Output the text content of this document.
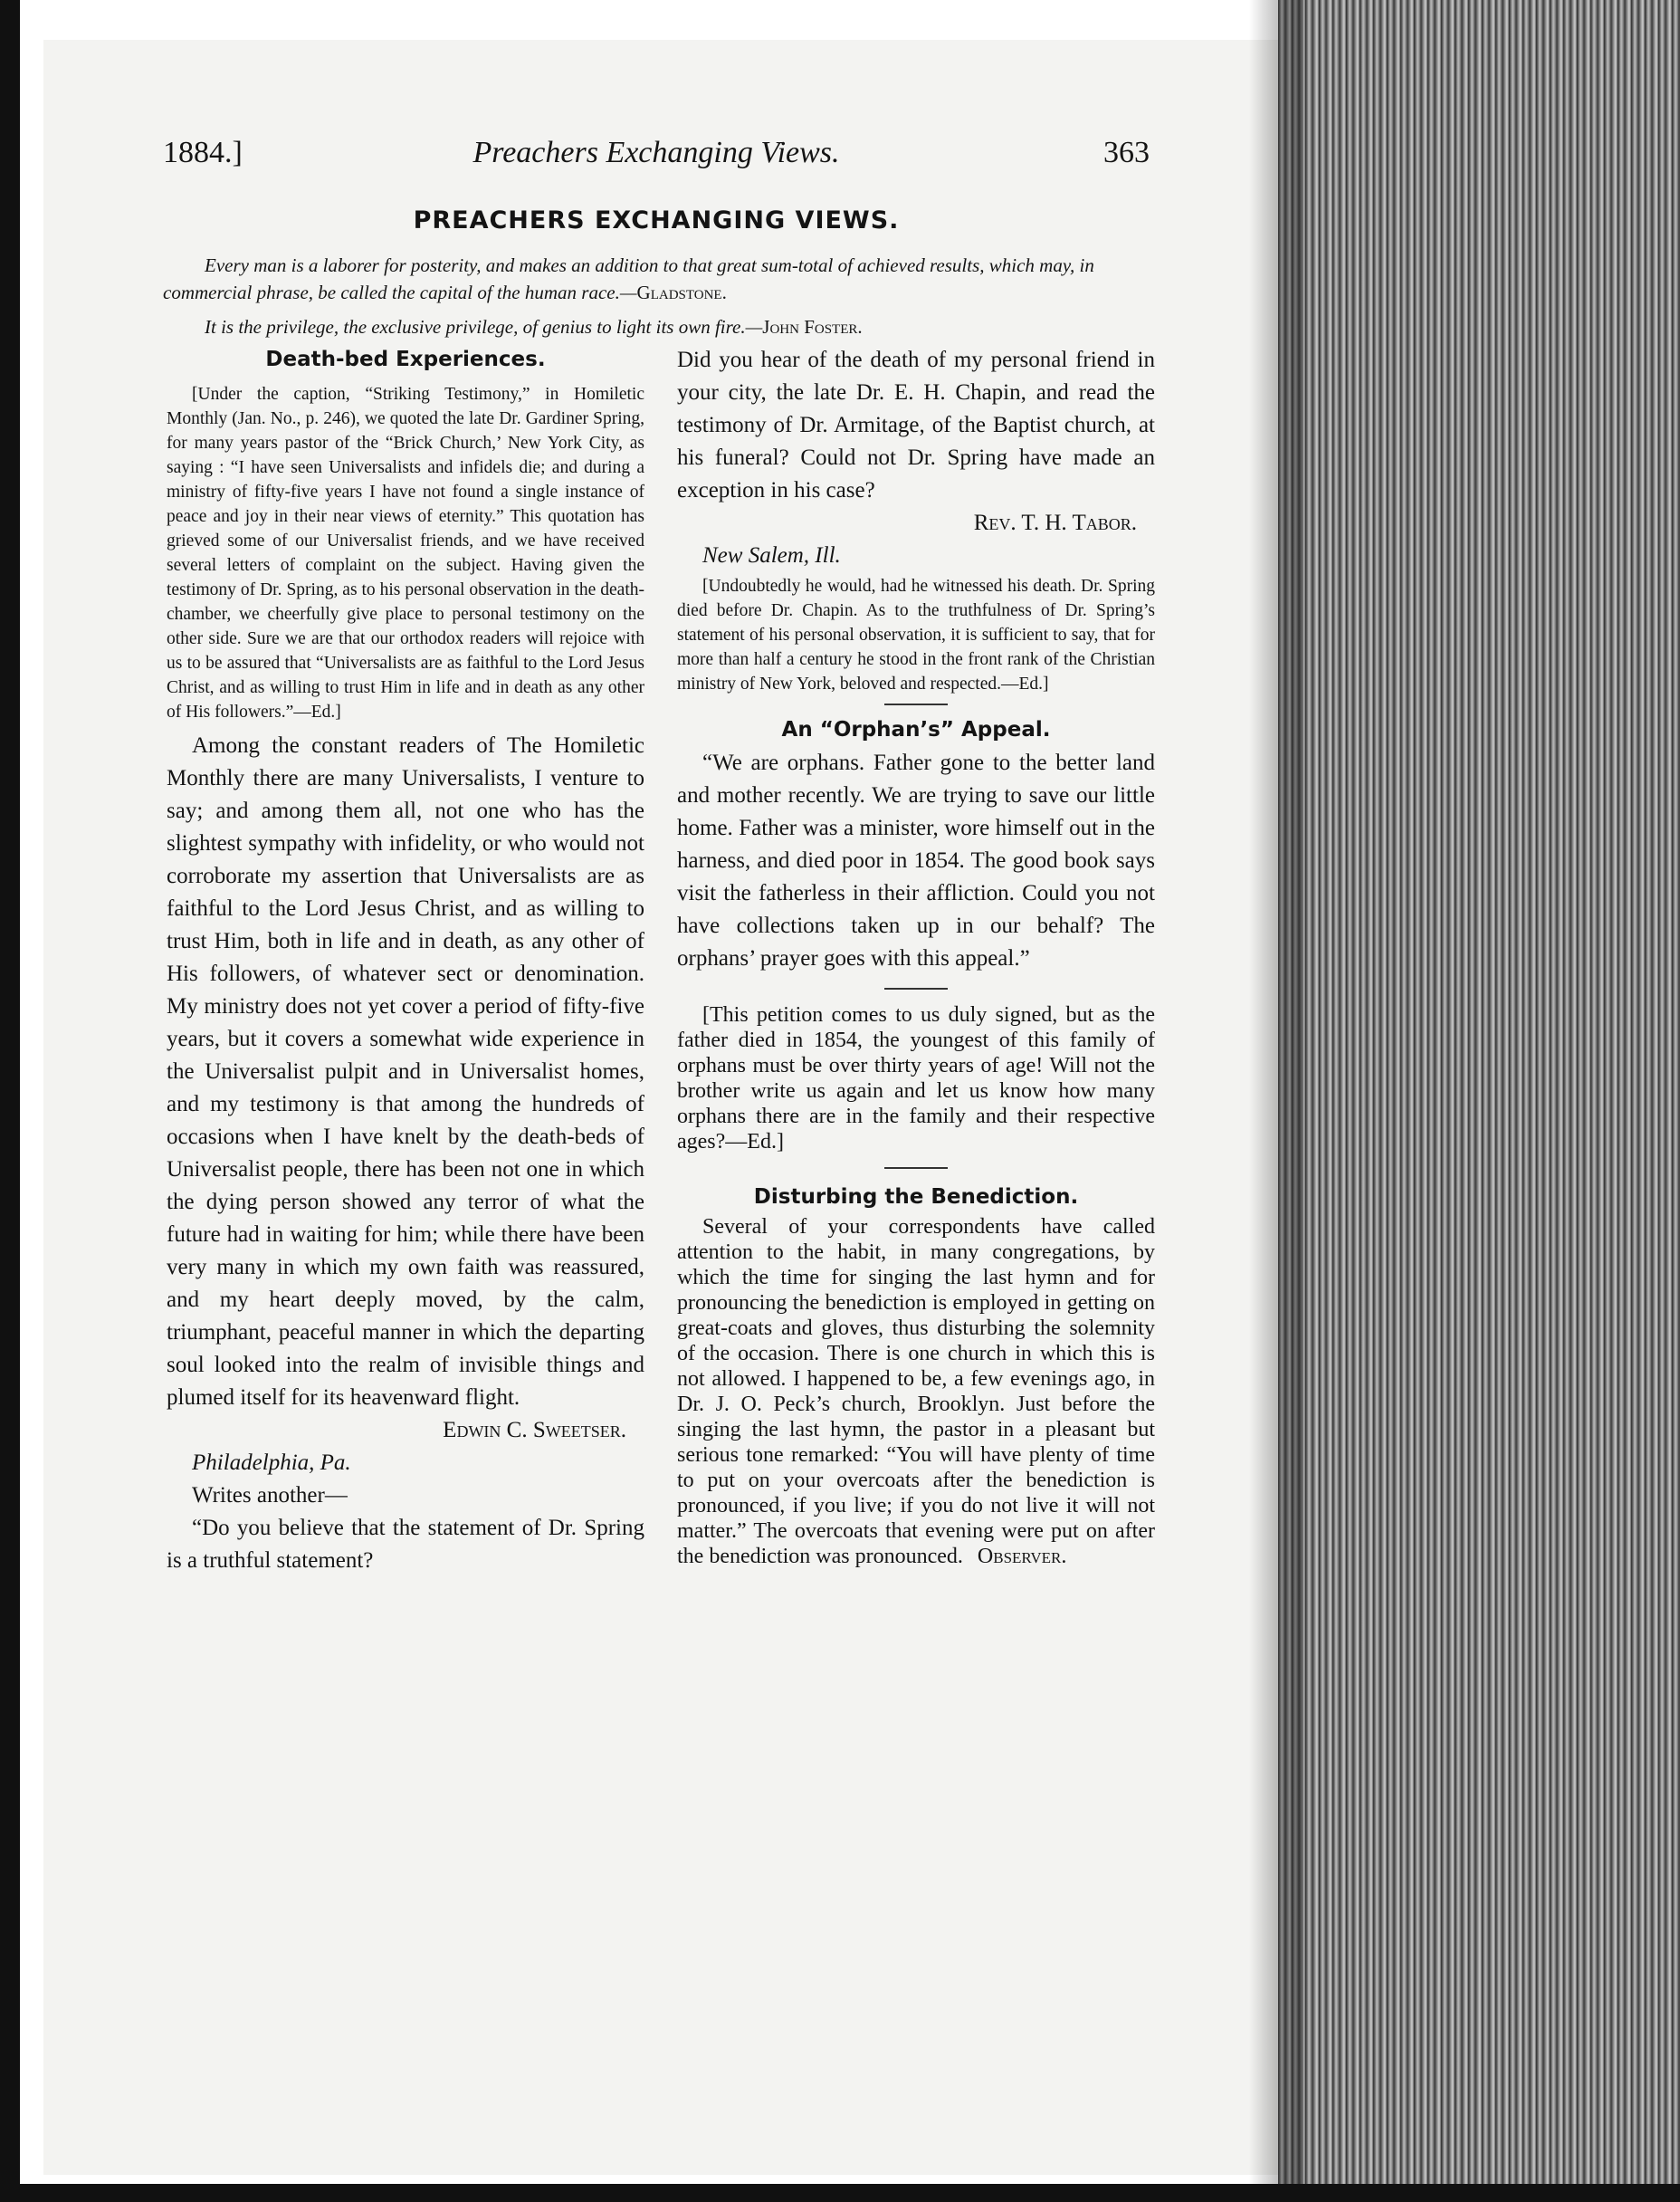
1884.]	Preachers Exchanging Views.	363
PREACHERS EXCHANGING VIEWS.
Every man is a laborer for posterity, and makes an addition to that great sum-total of achieved results, which may, in commercial phrase, be called the capital of the human race.—Gladstone.
It is the privilege, the exclusive privilege, of genius to light its own fire.—John Foster.
Death-bed Experiences.

[Under the caption, “Striking Testimony,” in Homiletic Monthly (Jan. No., p. 246), we quoted the late Dr. Gardiner Spring, for many years pastor of the “Brick Church,’ New York City, as saying : “I have seen Universalists and infidels die; and during a ministry of fifty-five years I have not found a single instance of peace and joy in their near views of eternity.” This quotation has grieved some of our Universalist friends, and we have received several letters of complaint on the subject. Having given the testimony of Dr. Spring, as to his personal observation in the death-chamber, we cheerfully give place to personal testimony on the other side. Sure we are that our orthodox readers will rejoice with us to be assured that “Universalists are as faithful to the Lord Jesus Christ, and as willing to trust Him in life and in death as any other of His followers.”—Ed.]

Among the constant readers of The Homiletic Monthly there are many Universalists, I venture to say; and among them all, not one who has the slightest sympathy with infidelity, or who would not corroborate my assertion that Universalists are as faithful to the Lord Jesus Christ, and as willing to trust Him, both in life and in death, as any other of His followers, of whatever sect or denomination. My ministry does not yet cover a period of fifty-five years, but it covers a somewhat wide experience in the Universalist pulpit and in Universalist homes, and my testimony is that among the hundreds of occasions when I have knelt by the death-beds of Universalist people, there has been not one in which the dying person showed any terror of what the future had in waiting for him; while there have been very many in which my own faith was reassured, and my heart deeply moved, by the calm, triumphant, peaceful manner in which the departing soul looked into the realm of invisible things and plumed itself for its heavenward flight.

Edwin C. Sweetser.

Philadelphia, Pa.

Writes another—

“Do you believe that the statement of Dr. Spring is a truthful statement?

Did you hear of the death of my personal friend in your city, the late Dr. E. H. Chapin, and read the testimony of Dr. Armitage, of the Baptist church, at his funeral? Could not Dr. Spring have made an exception in his case?

Rev. T. H. Tabor.

New Salem, Ill.

[Undoubtedly he would, had he witnessed his death. Dr. Spring died before Dr. Chapin. As to the truthfulness of Dr. Spring’s statement of his personal observation, it is sufficient to say, that for more than half a century he stood in the front rank of the Christian ministry of New York, beloved and respected.—Ed.]

An “Orphan’s” Appeal.

“We are orphans. Father gone to the better land and mother recently. We are trying to save our little home. Father was a minister, wore himself out in the harness, and died poor in 1854. The good book says visit the fatherless in their affliction. Could you not have collections taken up in our behalf? The orphans’ prayer goes with this appeal.”

[This petition comes to us duly signed, but as the father died in 1854, the youngest of this family of orphans must be over thirty years of age! Will not the brother write us again and let us know how many orphans there are in the family and their respective ages?—Ed.]

Disturbing the Benediction.

Several of your correspondents have called attention to the habit, in many congregations, by which the time for singing the last hymn and for pronouncing the benediction is employed in getting on great-coats and gloves, thus disturbing the solemnity of the occasion. There is one church in which this is not allowed. I happened to be, a few evenings ago, in Dr. J. O. Peck’s church, Brooklyn. Just before the singing the last hymn, the pastor in a pleasant but serious tone remarked: “You will have plenty of time to put on your overcoats after the benediction is pronounced, if you live; if you do not live it will not matter.” The overcoats that evening were put on after the benediction was pronounced. Observer.
